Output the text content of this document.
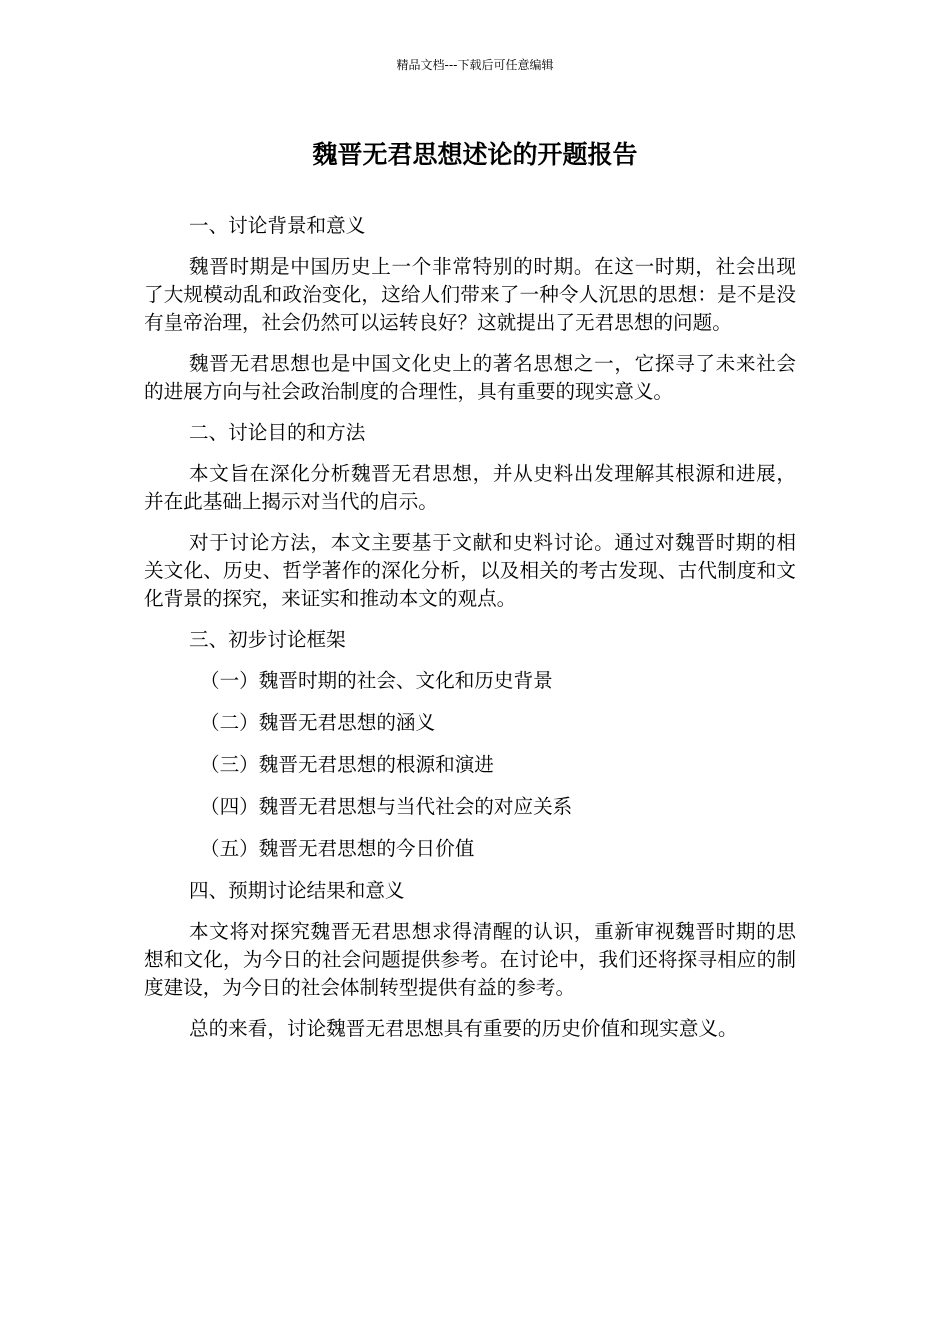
精品文档---下载后可任意编辑
魏晋无君思想述论的开题报告

一、讨论背景和意义

魏晋时期是中国历史上一个非常特别的时期。在这一时期，社会出现了大规模动乱和政治变化，这给人们带来了一种令人沉思的思想：是不是没有皇帝治理，社会仍然可以运转良好？这就提出了无君思想的问题。

魏晋无君思想也是中国文化史上的著名思想之一，它探寻了未来社会的进展方向与社会政治制度的合理性，具有重要的现实意义。

二、讨论目的和方法

本文旨在深化分析魏晋无君思想，并从史料出发理解其根源和进展，并在此基础上揭示对当代的启示。

对于讨论方法，本文主要基于文献和史料讨论。通过对魏晋时期的相关文化、历史、哲学著作的深化分析，以及相关的考古发现、古代制度和文化背景的探究，来证实和推动本文的观点。

三、初步讨论框架

（一）魏晋时期的社会、文化和历史背景

（二）魏晋无君思想的涵义

（三）魏晋无君思想的根源和演进

（四）魏晋无君思想与当代社会的对应关系

（五）魏晋无君思想的今日价值

四、预期讨论结果和意义

本文将对探究魏晋无君思想求得清醒的认识，重新审视魏晋时期的思想和文化，为今日的社会问题提供参考。在讨论中，我们还将探寻相应的制度建设，为今日的社会体制转型提供有益的参考。

总的来看，讨论魏晋无君思想具有重要的历史价值和现实意义。
